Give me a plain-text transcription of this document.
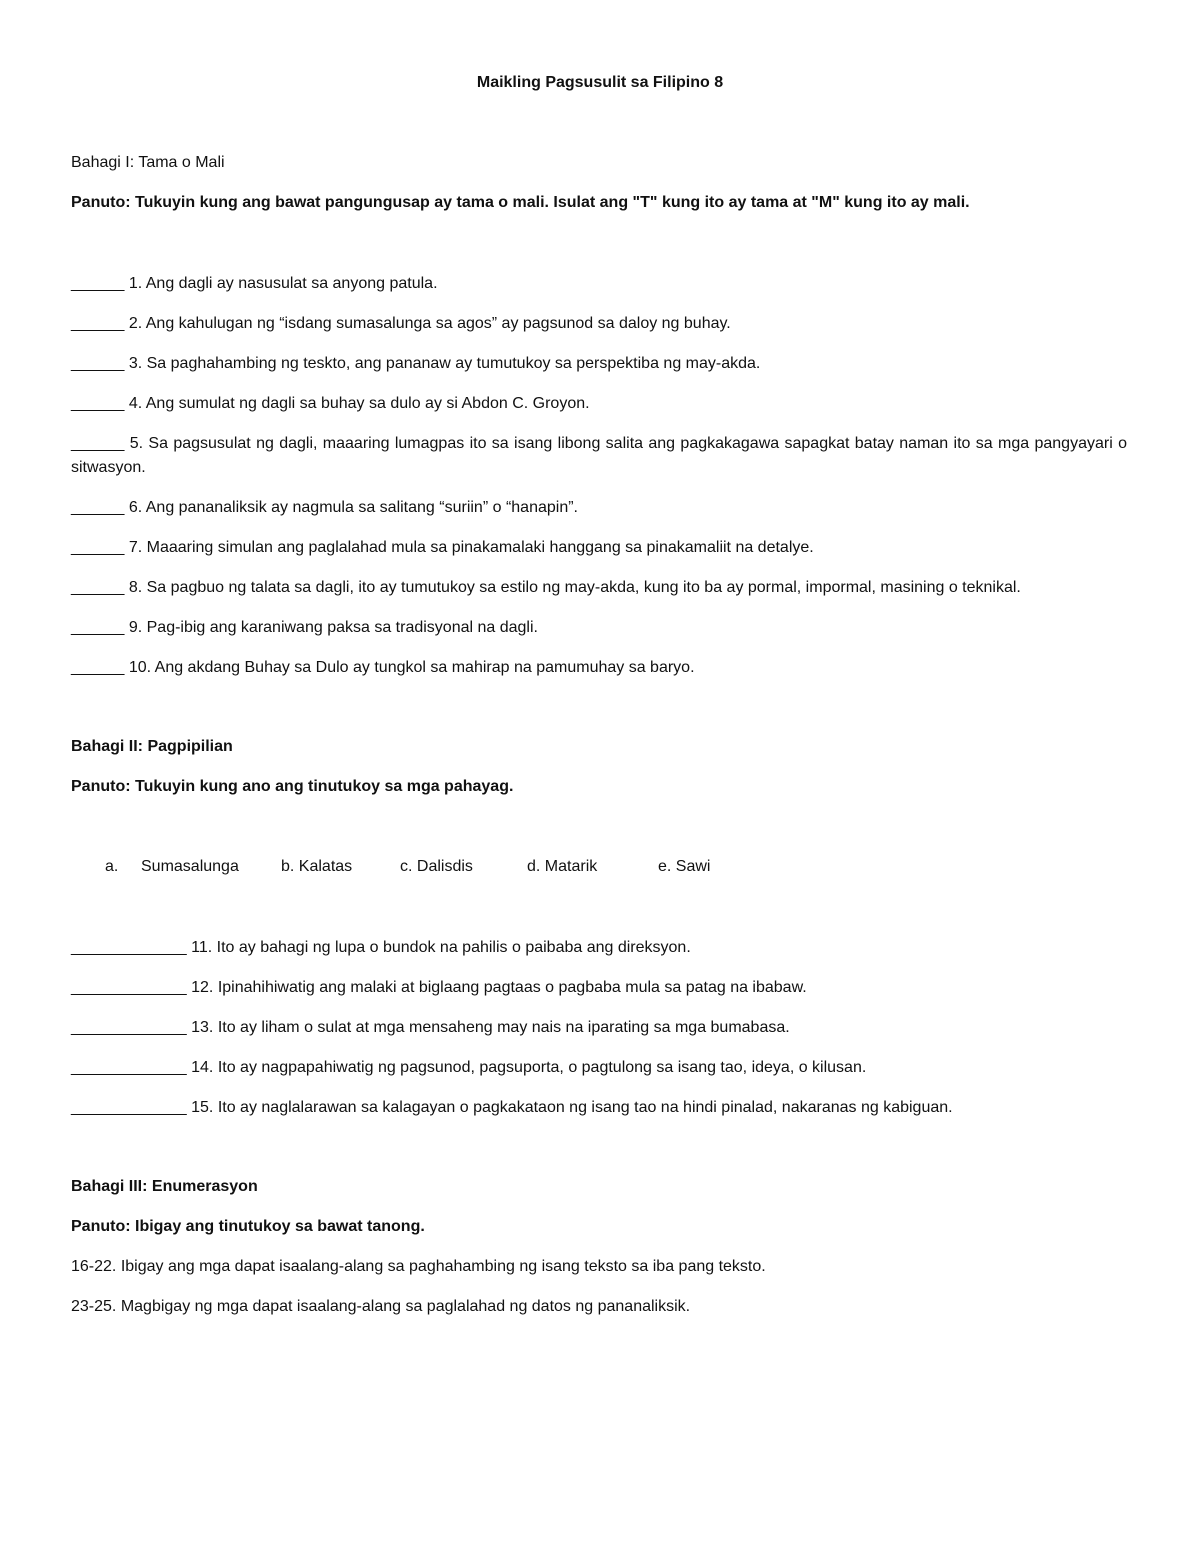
Maikling Pagsusulit sa Filipino 8

Bahagi I: Tama o Mali

Panuto: Tukuyin kung ang bawat pangungusap ay tama o mali. Isulat ang "T" kung ito ay tama at "M" kung ito ay mali.

______ 1. Ang dagli ay nasusulat sa anyong patula.
______ 2. Ang kahulugan ng “isdang sumasalunga sa agos” ay pagsunod sa daloy ng buhay.
______ 3. Sa paghahambing ng teskto, ang pananaw ay tumutukoy sa perspektiba ng may-akda.
______ 4. Ang sumulat ng dagli sa buhay sa dulo ay si Abdon C. Groyon.
______ 5. Sa pagsusulat ng dagli, maaaring lumagpas ito sa isang libong salita ang pagkakagawa sapagkat batay naman ito sa mga pangyayari o sitwasyon.
______ 6. Ang pananaliksik ay nagmula sa salitang “suriin” o “hanapin”.
______ 7. Maaaring simulan ang paglalahad mula sa pinakamalaki hanggang sa pinakamaliit na detalye.
______ 8. Sa pagbuo ng talata sa dagli, ito ay tumutukoy sa estilo ng may-akda, kung ito ba ay pormal, impormal, masining o teknikal.
______ 9. Pag-ibig ang karaniwang paksa sa tradisyonal na dagli.
______ 10. Ang akdang Buhay sa Dulo ay tungkol sa mahirap na pamumuhay sa baryo.

Bahagi II: Pagpipilian

Panuto: Tukuyin kung ano ang tinutukoy sa mga pahayag.

a.	Sumasalunga	b. Kalatas	c. Dalisdis	d. Matarik	e. Sawi
_____________ 11. Ito ay bahagi ng lupa o bundok na pahilis o paibaba ang direksyon.
_____________ 12. Ipinahihiwatig ang malaki at biglaang pagtaas o pagbaba mula sa patag na ibabaw.
_____________ 13. Ito ay liham o sulat at mga mensaheng may nais na iparating sa mga bumabasa.
_____________ 14. Ito ay nagpapahiwatig ng pagsunod, pagsuporta, o pagtulong sa isang tao, ideya, o kilusan.
_____________ 15. Ito ay naglalarawan sa kalagayan o pagkakataon ng isang tao na hindi pinalad, nakaranas ng kabiguan.

Bahagi III: Enumerasyon

Panuto: Ibigay ang tinutukoy sa bawat tanong.

16-22. Ibigay ang mga dapat isaalang-alang sa paghahambing ng isang teksto sa iba pang teksto.

23-25. Magbigay ng mga dapat isaalang-alang sa paglalahad ng datos ng pananaliksik.
